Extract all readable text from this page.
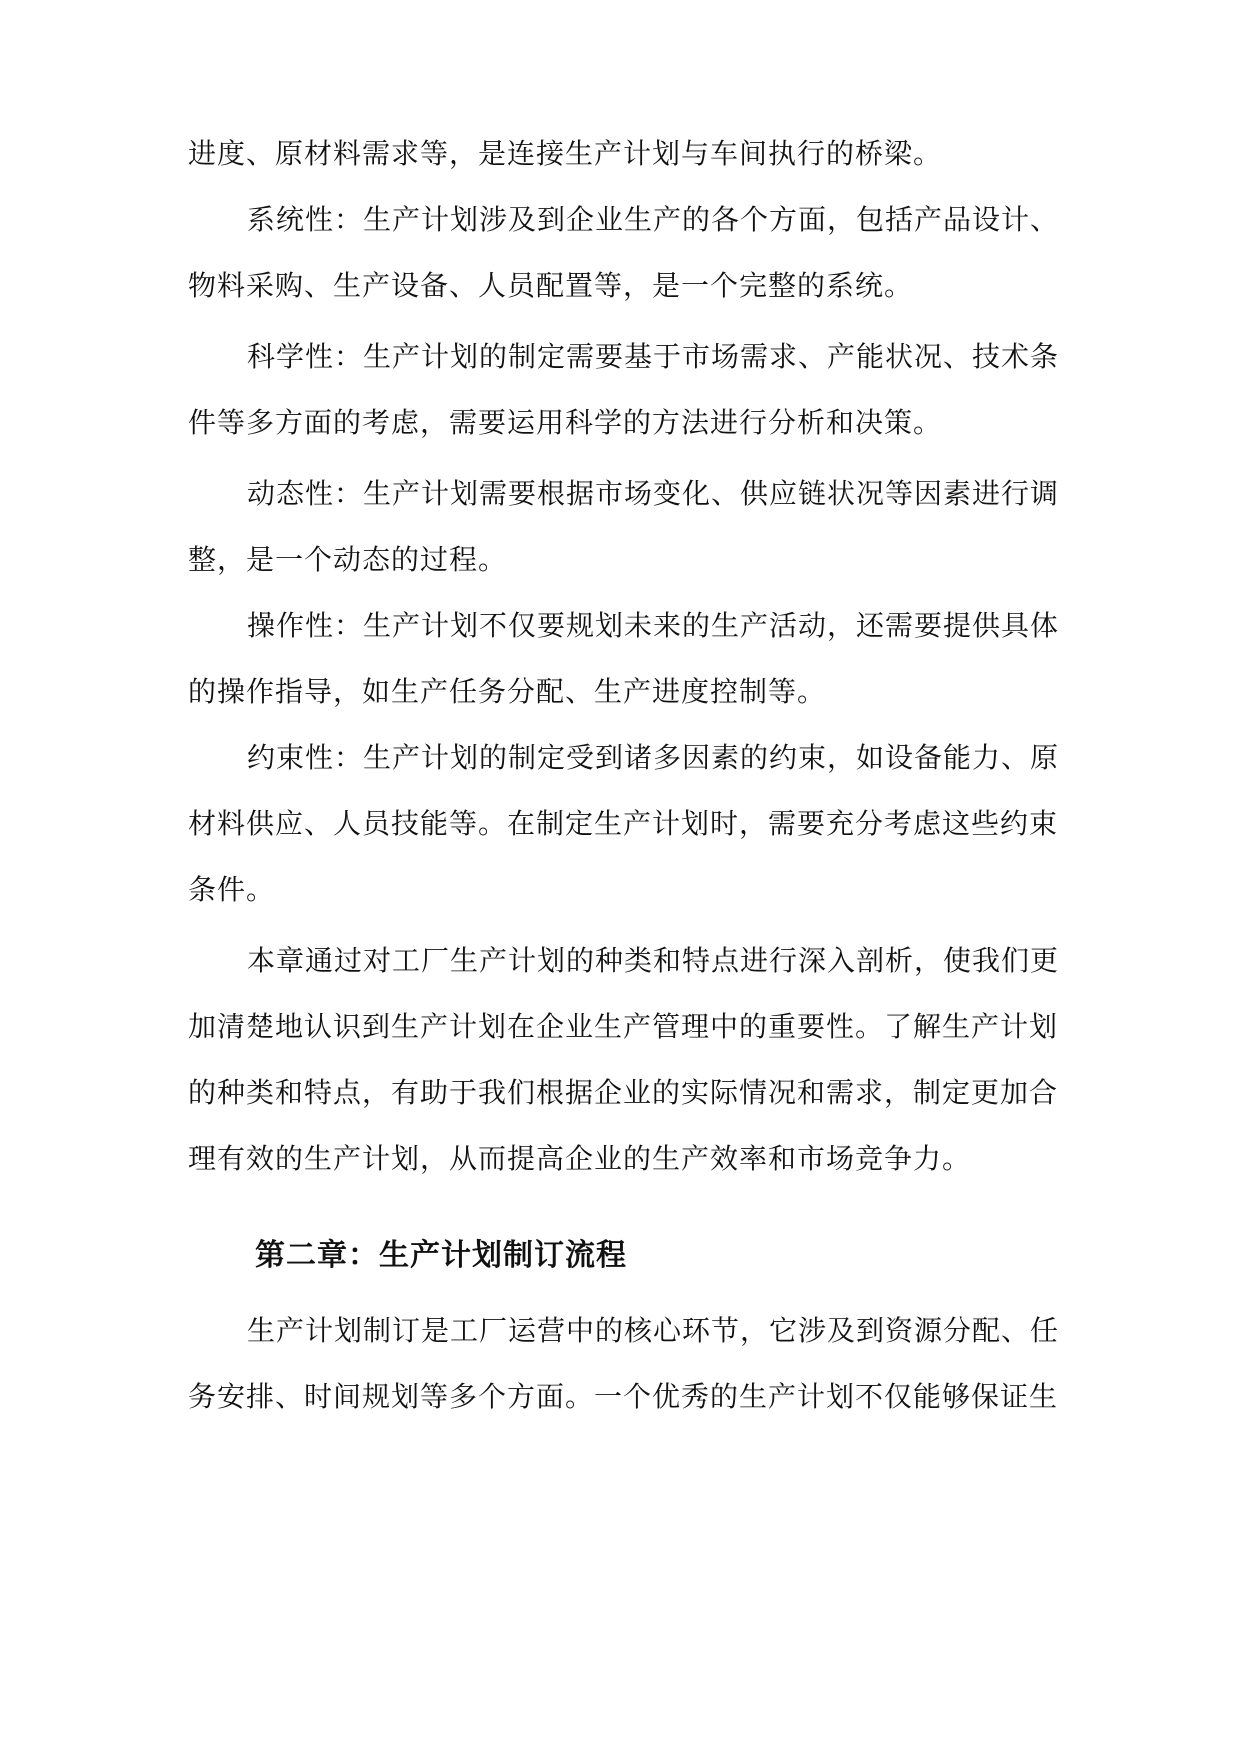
进度、原材料需求等，是连接生产计划与车间执行的桥梁。
系统性：生产计划涉及到企业生产的各个方面，包括产品设计、
物料采购、生产设备、人员配置等，是一个完整的系统。
科学性：生产计划的制定需要基于市场需求、产能状况、技术条
件等多方面的考虑，需要运用科学的方法进行分析和决策。
动态性：生产计划需要根据市场变化、供应链状况等因素进行调
整，是一个动态的过程。
操作性：生产计划不仅要规划未来的生产活动，还需要提供具体
的操作指导，如生产任务分配、生产进度控制等。
约束性：生产计划的制定受到诸多因素的约束，如设备能力、原
材料供应、人员技能等。在制定生产计划时，需要充分考虑这些约束
条件。
本章通过对工厂生产计划的种类和特点进行深入剖析，使我们更
加清楚地认识到生产计划在企业生产管理中的重要性。了解生产计划
的种类和特点，有助于我们根据企业的实际情况和需求，制定更加合
理有效的生产计划，从而提高企业的生产效率和市场竞争力。
第二章：生产计划制订流程
生产计划制订是工厂运营中的核心环节，它涉及到资源分配、任
务安排、时间规划等多个方面。一个优秀的生产计划不仅能够保证生
